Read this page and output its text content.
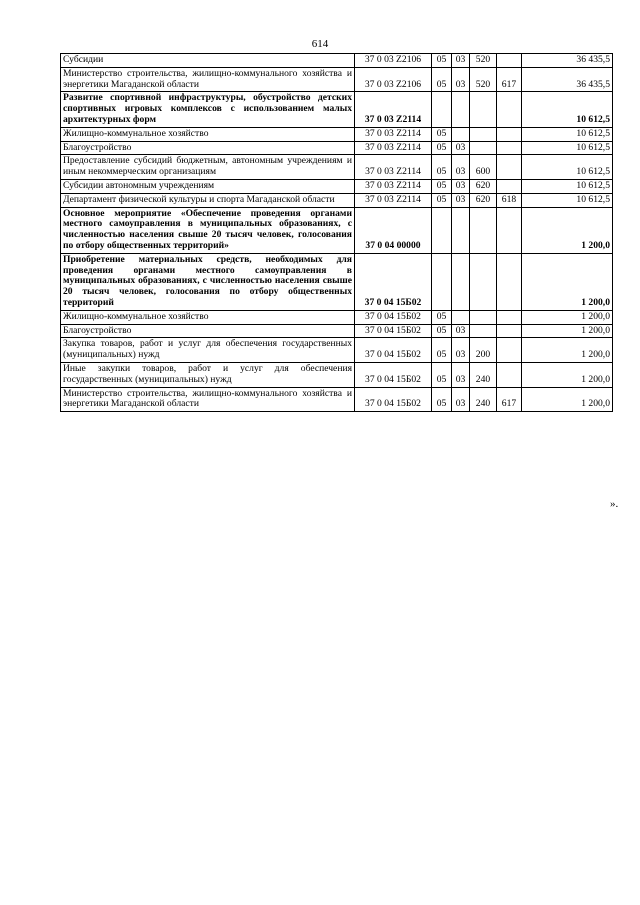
614
Субсидии	37 0 03 Z2106	05	03	520		36 435,5
Министерство строительства, жилищно-коммунального хозяйства и энергетики Магаданской области	37 0 03 Z2106	05	03	520	617	36 435,5
Развитие спортивной инфраструктуры, обустройство детских спортивных игровых комплексов с использованием малых архитектурных форм	37 0 03 Z2114					10 612,5
Жилищно-коммунальное хозяйство	37 0 03 Z2114	05				10 612,5
Благоустройство	37 0 03 Z2114	05	03			10 612,5
Предоставление субсидий бюджетным, автономным учреждениям и иным некоммерческим организациям	37 0 03 Z2114	05	03	600		10 612,5
Субсидии автономным учреждениям	37 0 03 Z2114	05	03	620		10 612,5
Департамент физической культуры и спорта Магаданской области	37 0 03 Z2114	05	03	620	618	10 612,5
Основное мероприятие «Обеспечение проведения органами местного самоуправления в муниципальных образованиях, с численностью населения свыше 20 тысяч человек, голосования по отбору общественных территорий»	37 0 04 00000					1 200,0
Приобретение материальных средств, необходимых для проведения органами местного самоуправления в муниципальных образованиях, с численностью населения свыше 20 тысяч человек, голосования по отбору общественных территорий	37 0 04 15Б02					1 200,0
Жилищно-коммунальное хозяйство	37 0 04 15Б02	05				1 200,0
Благоустройство	37 0 04 15Б02	05	03			1 200,0
Закупка товаров, работ и услуг для обеспечения государственных (муниципальных) нужд	37 0 04 15Б02	05	03	200		1 200,0
Иные закупки товаров, работ и услуг для обеспечения государственных (муниципальных) нужд	37 0 04 15Б02	05	03	240		1 200,0
Министерство строительства, жилищно-коммунального хозяйства и энергетики Магаданской области	37 0 04 15Б02	05	03	240	617	1 200,0
».
